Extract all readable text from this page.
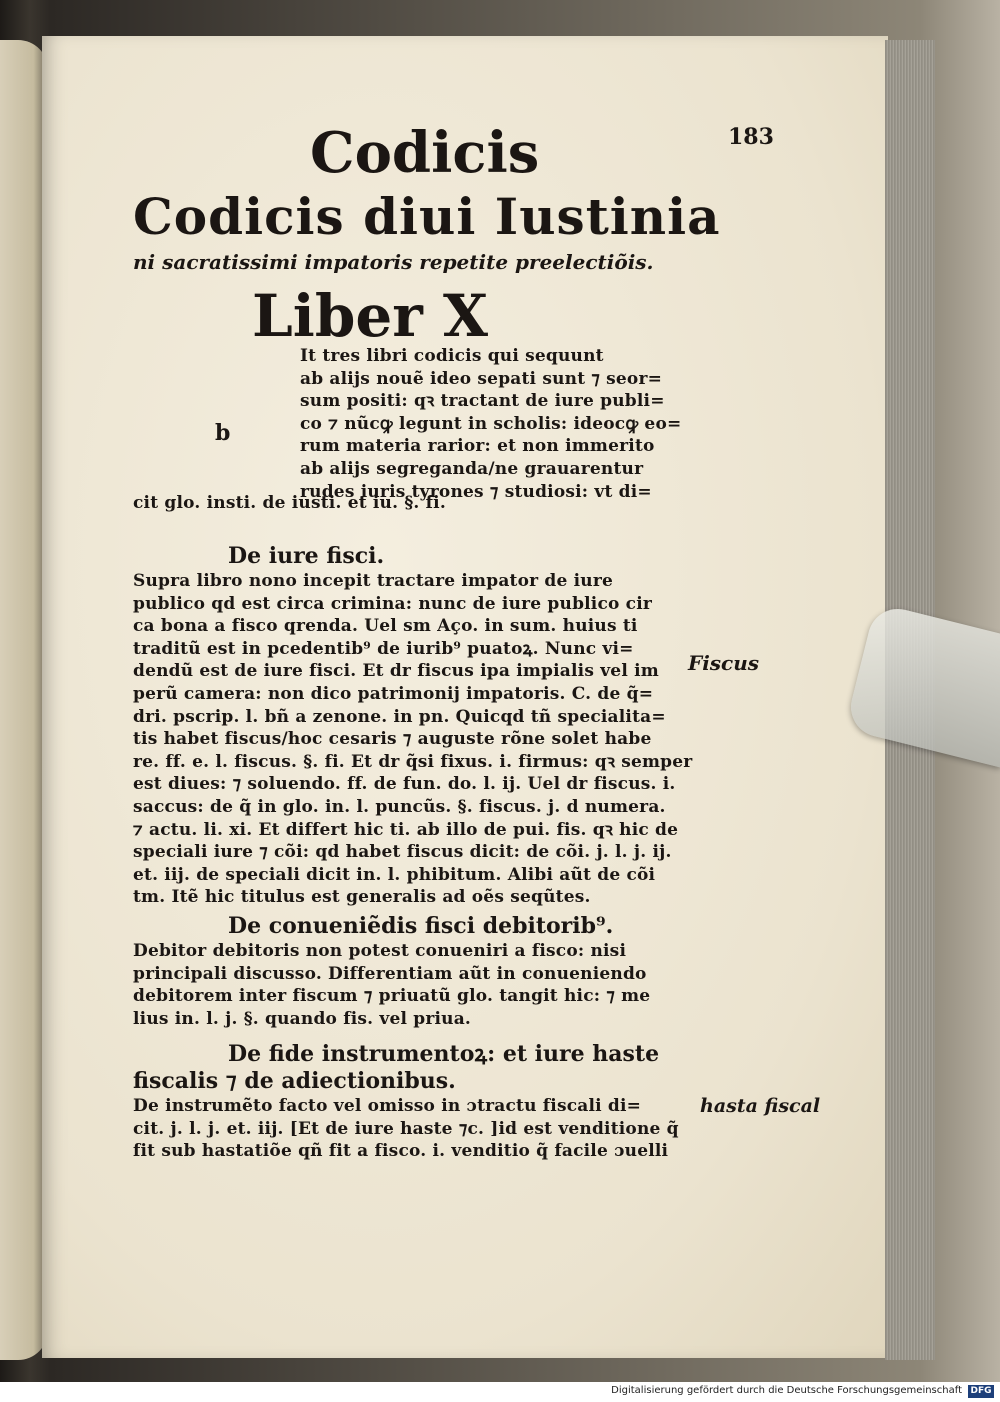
Codicis	183
Codicis diui Iustinia
ni sacratissimi impatoris repetite preelectiõis.
Liber X
b
It tres libri codicis qui sequunt
ab alijs nouẽ ideo sepati sunt ⁊ seor=
sum positi: qꝛ tractant de iure publi=
co ⁊ nũcꝙ legunt in scholis: ideocꝙ eo=
rum materia rarior: et non immerito
ab alijs segreganda/ne grauarentur
rudes iuris tyrones ⁊ studiosi: vt di=
cit glo. insti. de iusti. et iu. §. fi.
De iure fisci.
Supra libro nono incepit tractare impator de iure
publico qd est circa crimina: nunc de iure publico cir
ca bona a fisco qrenda. Uel sm Aço. in sum. huius ti
traditũ est in pcedentib⁹ de iurib⁹ puatoꝝ. Nunc vi=
dendũ est de iure fisci. Et dr fiscus ipa impialis vel im
perũ camera: non dico patrimonij impatoris. C. de q̃=
dri. pscrip. l. bñ a zenone. in pn. Quicqd tñ specialita=
tis habet fiscus/hoc cesaris ⁊ auguste rõne solet habe
re. ff. e. l. fiscus. §. fi. Et dr q̃si fixus. i. firmus: qꝛ semper
est diues: ⁊ soluendo. ff. de fun. do. l. ij. Uel dr fiscus. i.
saccus: de q̃ in glo. in. l. puncũs. §. fiscus. j. d numera.
⁊ actu. li. xi. Et differt hic ti. ab illo de pui. fis. qꝛ hic de
speciali iure ⁊ cõi: qd habet fiscus dicit: de cõi. j. l. j. ij.
et. iij. de speciali dicit in. l. phibitum. Alibi aũt de cõi
tm. Itẽ hic titulus est generalis ad oẽs seqũtes.
De conueniẽdis fisci debitorib⁹.
Debitor debitoris non potest conueniri a fisco: nisi
principali discusso. Differentiam aũt in conueniendo
debitorem inter fiscum ⁊ priuatũ glo. tangit hic: ⁊ me
lius in. l. j. §. quando fis. vel priua.
De fide instrumentoꝝ: et iure haste
fiscalis ⁊ de adiectionibus.
De instrumẽto facto vel omisso in ɔtractu fiscali di=
cit. j. l. j. et. iij. [Et de iure haste ⁊c. ]id est venditione q̃
fit sub hastatiõe qñ fit a fisco. i. venditio q̃ facile ɔuelli
Fiscus
hasta fiscal
Digitalisierung gefördert durch die Deutsche Forschungsgemeinschaft DFG
